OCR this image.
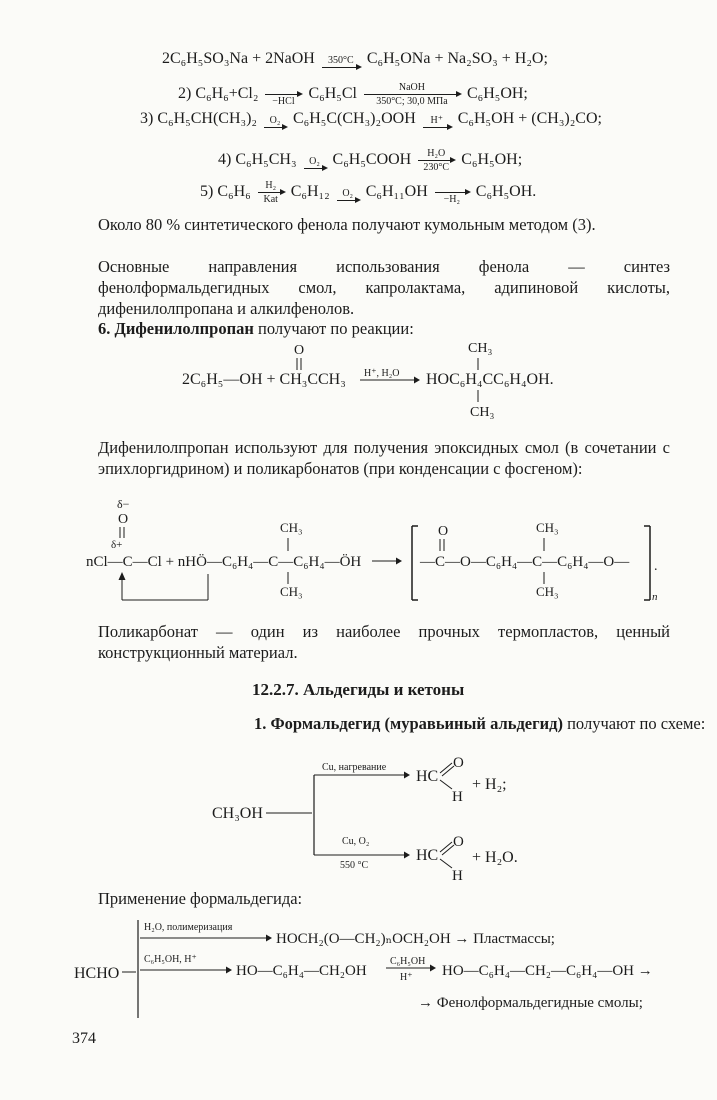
2C₆H₅SO₃Na + 2NaOH	350°C C₆H₅ONa + Na₂SO₃ + H₂O;
2) C₆H₆+Cl₂
	−HCl C₆H₅Cl	NaOH
350°C; 30,0 МПа	C₆H₅OH;
3) C₆H₅CH(CH₃)₂	O₂ C₆H₅C(CH₃)₂OOH	H⁺ C₆H₅OH + (CH₃)₂CO;
4) C₆H₅CH₃	O₂ C₆H₅COOH $\frac{\text{H₂O}}{230^\circ C} C_6H_5OH$;
5) C₆H₆	H₂
Kat C₆H₁₂	O₂ C₆H₁₁OH
	−H₂ C₆H₅OH.
Около 80 % синтетического фенола получают кумольным методом (3).
Основные направления использования фенола — синтез фенолформальдегидных смол, капролактама, адипиновой кислоты, дифенилолпропана и алкилфенолов.
6. Дифенилолпропан получают по реакции:
O
2C₆H₅—OH + CH₃CCH₃ H⁺, H₂O
CH₃
HOC₆H₄CC₆H₄OH.
CH₃
Дифенилолпропан используют для получения эпоксидных смол (в сочетании с эпихлоргидрином) и поликарбонатов (при конденсации с фосгеном):
δ−
O
δ+
nCl—C—Cl + nHÖ—C₆H₄—C—C₆H₄—ÖH
CH₃
CH₃
O
—C—O—C₆H₄—C—C₆H₄—O—
CH₃
CH₃
.
n
Поликарбонат — один из наиболее прочных термопластов, ценный конструкционный материал.
12.2.7. Альдегиды и кетоны
1. Формальдегид (муравьиный альдегид) получают по схеме:
CH₃OH
Cu, нагревание
HC
O
H
+ H₂;
Cu, O₂
550 °C
HC
O
H
+ H₂O.
Применение формальдегида:
HCHO
H₂O, полимеризация
HOCH₂(O—CH₂)ₙOCH₂OH → Пластмассы;
C₆H₅OH, H⁺
HO—C₆H₄—CH₂OH
C₆H₅OH
H⁺ HO—C₆H₄—CH₂—C₆H₄—OH →
→ Фенолформальдегидные смолы;
374
